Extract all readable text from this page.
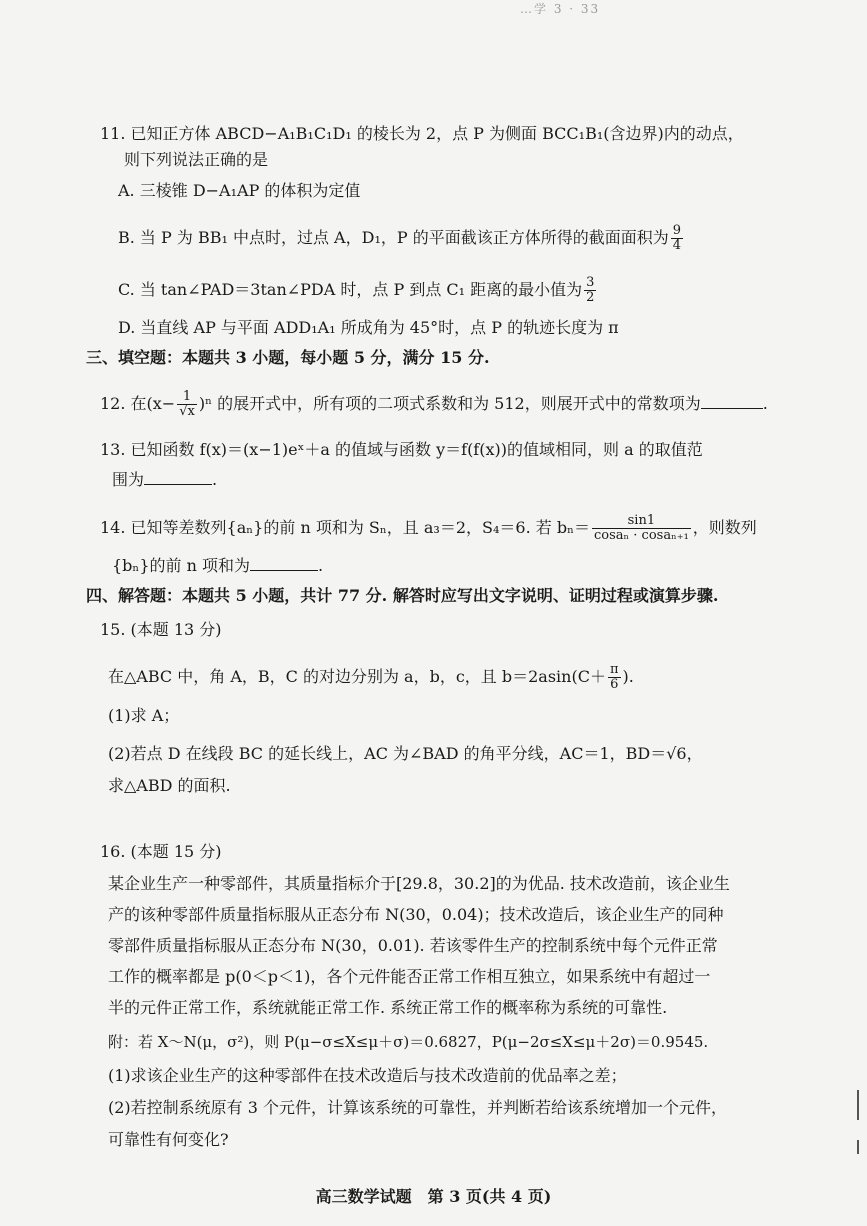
…学 3 · 33
11. 已知正方体 ABCD−A₁B₁C₁D₁ 的棱长为 2，点 P 为侧面 BCC₁B₁(含边界)内的动点，
则下列说法正确的是
A. 三棱锥 D−A₁AP 的体积为定值
B. 当 P 为 BB₁ 中点时，过点 A，D₁，P 的平面截该正方体所得的截面面积为 $\frac{9}{4}$
C. 当 tan∠PAD＝3tan∠PDA 时，点 P 到点 C₁ 距离的最小值为 $\frac{3}{2}$
D. 当直线 AP 与平面 ADD₁A₁ 所成角为 45°时，点 P 的轨迹长度为 π
三、填空题：本题共 3 小题，每小题 5 分，满分 15 分.
12. 在$(x- \frac{1}{√x} )^n$ 的展开式中，所有项的二项式系数和为 512，则展开式中的常数项为	.
13. 已知函数 f(x)＝(x−1)eˣ＋a 的值域与函数 y＝f(f(x))的值域相同，则 a 的取值范
围为	.
14. 已知等差数列{aₙ}的前 n 项和为 Sₙ，且 a₃＝2，S₄＝6. 若 $b_n= \frac{\sin 1}{\text{cosaₙ · cosaₙ₊₁}}$ ，则数列
{bₙ}的前 n 项和为	.
四、解答题：本题共 5 小题，共计 77 分. 解答时应写出文字说明、证明过程或演算步骤.
15. (本题 13 分)
在△ABC 中，角 A，B，C 的对边分别为 a，b，c，且 $b=2asin(C+ \frac{\pi}{6}$ ).
(1)求 A；
(2)若点 D 在线段 BC 的延长线上，AC 为∠BAD 的角平分线，AC＝1，BD＝√6，
求△ABD 的面积.
16. (本题 15 分)
某企业生产一种零部件，其质量指标介于[29.8，30.2]的为优品. 技术改造前，该企业生
产的该种零部件质量指标服从正态分布 N(30，0.04)；技术改造后，该企业生产的同种
零部件质量指标服从正态分布 N(30，0.01). 若该零件生产的控制系统中每个元件正常
工作的概率都是 p(0＜p＜1)，各个元件能否正常工作相互独立，如果系统中有超过一
半的元件正常工作，系统就能正常工作. 系统正常工作的概率称为系统的可靠性.
附：若 X～N(μ，σ²)，则 P(μ−σ≤X≤μ＋σ)＝0.6827，P(μ−2σ≤X≤μ＋2σ)＝0.9545.
(1)求该企业生产的这种零部件在技术改造后与技术改造前的优品率之差；
(2)若控制系统原有 3 个元件，计算该系统的可靠性，并判断若给该系统增加一个元件，
可靠性有何变化?
高三数学试题　第 3 页(共 4 页)
